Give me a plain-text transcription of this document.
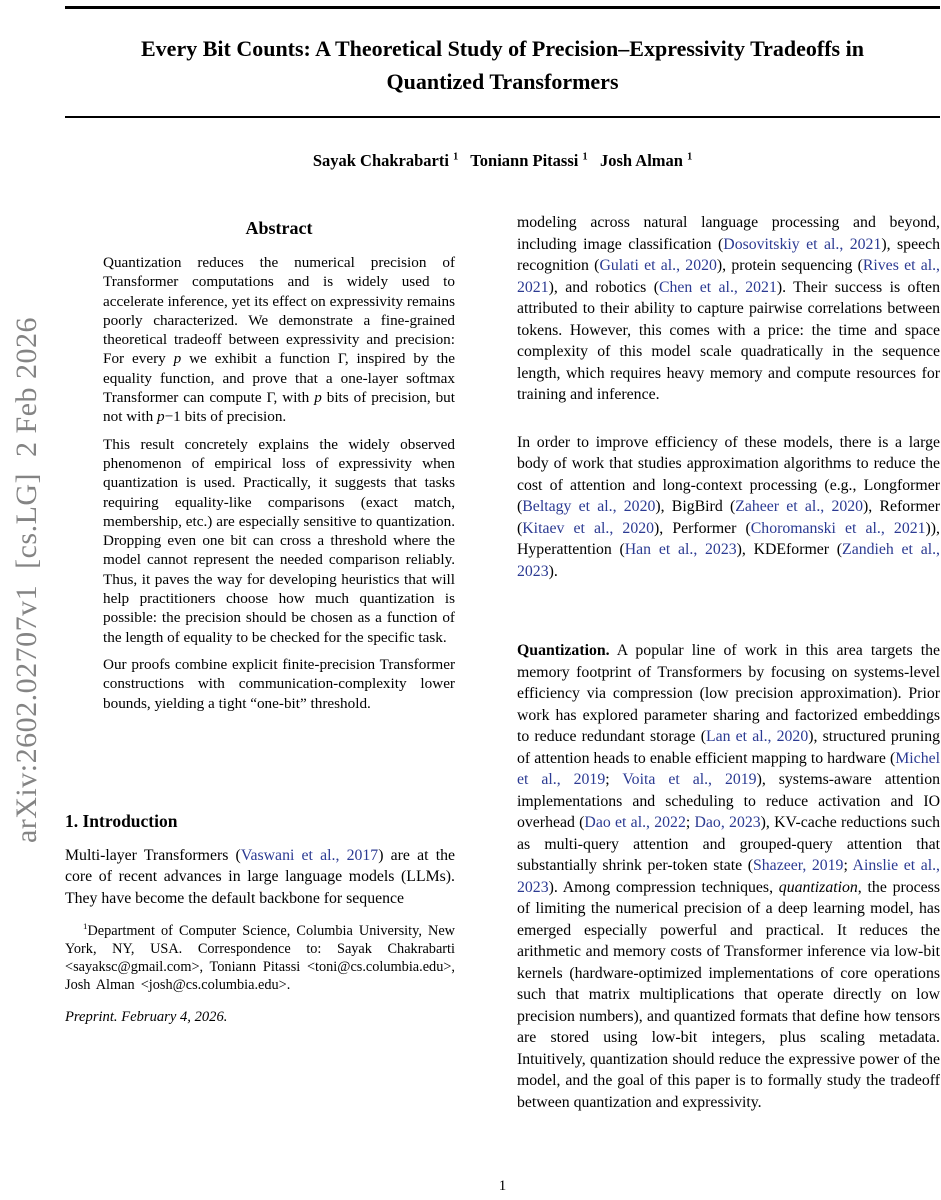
arXiv:2602.02707v1  [cs.LG]  2 Feb 2026
Every Bit Counts: A Theoretical Study of Precision–Expressivity Tradeoffs in
Quantized Transformers
Sayak Chakrabarti $^1$ Toniann Pitassi $^1$ Josh Alman $^1$
Abstract

Quantization reduces the numerical precision of Transformer computations and is widely used to accelerate inference, yet its effect on expressivity remains poorly characterized. We demonstrate a fine-grained theoretical tradeoff between expressivity and precision: For every p we exhibit a function Γ, inspired by the equality function, and prove that a one-layer softmax Transformer can compute Γ, with p bits of precision, but not with p−1 bits of precision.

This result concretely explains the widely observed phenomenon of empirical loss of expressivity when quantization is used. Practically, it suggests that tasks requiring equality-like comparisons (exact match, membership, etc.) are especially sensitive to quantization. Dropping even one bit can cross a threshold where the model cannot represent the needed comparison reliably. Thus, it paves the way for developing heuristics that will help practitioners choose how much quantization is possible: the precision should be chosen as a function of the length of equality to be checked for the specific task.

Our proofs combine explicit finite-precision Transformer constructions with communication-complexity lower bounds, yielding a tight “one-bit” threshold.

1. Introduction

Multi-layer Transformers (Vaswani et al., 2017) are at the core of recent advances in large language models (LLMs). They have become the default backbone for sequence

$^1$Department of Computer Science, Columbia University, New York, NY, USA. Correspondence to: Sayak Chakrabarti <sayaksc@gmail.com>, Toniann Pitassi <toni@cs.columbia.edu>, Josh Alman <josh@cs.columbia.edu>.

Preprint. February 4, 2026.

modeling across natural language processing and beyond, including image classification (Dosovitskiy et al., 2021), speech recognition (Gulati et al., 2020), protein sequencing (Rives et al., 2021), and robotics (Chen et al., 2021). Their success is often attributed to their ability to capture pairwise correlations between tokens. However, this comes with a price: the time and space complexity of this model scale quadratically in the sequence length, which requires heavy memory and compute resources for training and inference.

In order to improve efficiency of these models, there is a large body of work that studies approximation algorithms to reduce the cost of attention and long-context processing (e.g., Longformer (Beltagy et al., 2020), BigBird (Zaheer et al., 2020), Reformer (Kitaev et al., 2020), Performer (Choromanski et al., 2021)), Hyperattention (Han et al., 2023), KDEformer (Zandieh et al., 2023).

Quantization. A popular line of work in this area targets the memory footprint of Transformers by focusing on systems-level efficiency via compression (low precision approximation). Prior work has explored parameter sharing and factorized embeddings to reduce redundant storage (Lan et al., 2020), structured pruning of attention heads to enable efficient mapping to hardware (Michel et al., 2019; Voita et al., 2019), systems-aware attention implementations and scheduling to reduce activation and IO overhead (Dao et al., 2022; Dao, 2023), KV-cache reductions such as multi-query attention and grouped-query attention that substantially shrink per-token state (Shazeer, 2019; Ainslie et al., 2023). Among compression techniques, quantization, the process of limiting the numerical precision of a deep learning model, has emerged especially powerful and practical. It reduces the arithmetic and memory costs of Transformer inference via low-bit kernels (hardware-optimized implementations of core operations such that matrix multiplications that operate directly on low precision numbers), and quantized formats that define how tensors are stored using low-bit integers, plus scaling metadata. Intuitively, quantization should reduce the expressive power of the model, and the goal of this paper is to formally study the tradeoff between quantization and expressivity.

1
